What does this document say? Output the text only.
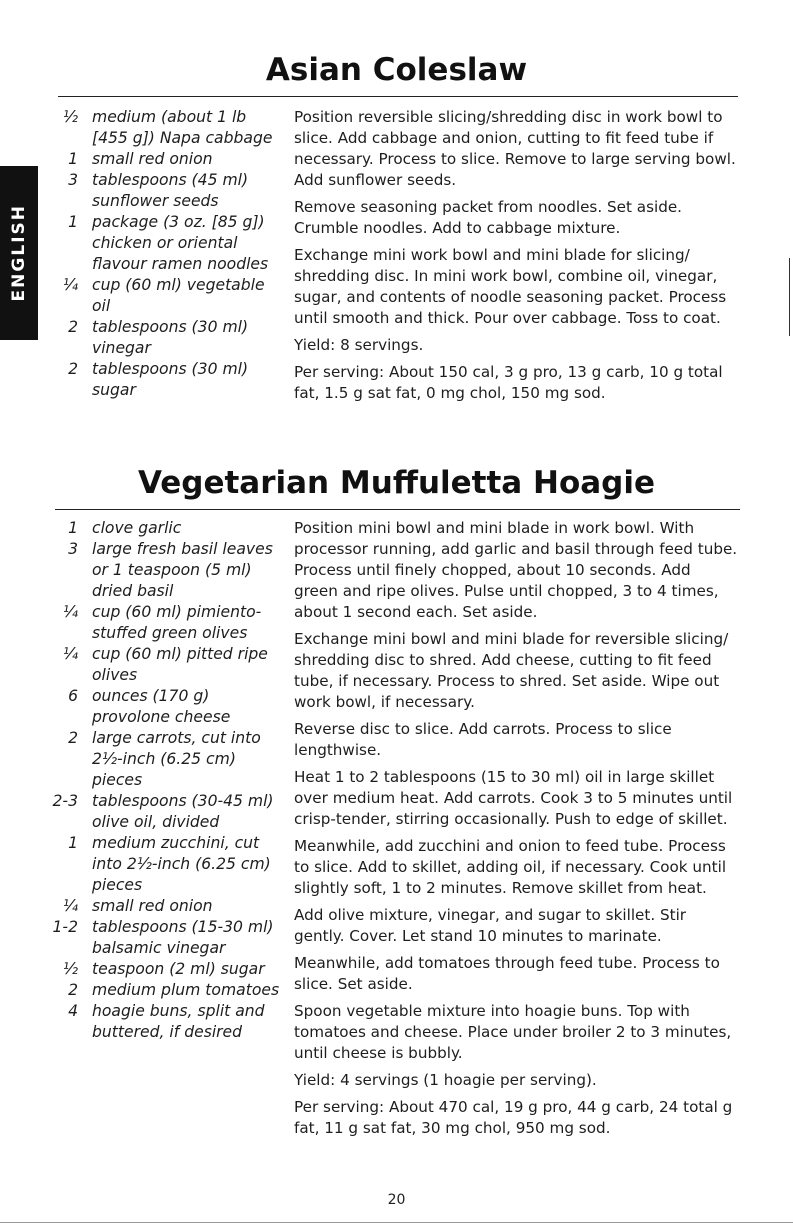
ENGLISH
Asian Coleslaw
½ medium (about 1 lb [455 g]) Napa cabbage
1 small red onion
3 tablespoons (45 ml) sunflower seeds
1 package (3 oz. [85 g]) chicken or oriental flavour ramen noodles
¼ cup (60 ml) vegetable oil
2 tablespoons (30 ml) vinegar
2 tablespoons (30 ml) sugar

Position reversible slicing/shredding disc in work bowl to slice. Add cabbage and onion, cutting to fit feed tube if necessary. Process to slice. Remove to large serving bowl. Add sunflower seeds.

Remove seasoning packet from noodles. Set aside. Crumble noodles. Add to cabbage mixture.

Exchange mini work bowl and mini blade for slicing/ shredding disc. In mini work bowl, combine oil, vinegar, sugar, and contents of noodle seasoning packet. Process until smooth and thick. Pour over cabbage. Toss to coat.

Yield: 8 servings.

Per serving: About 150 cal, 3 g pro, 13 g carb, 10 g total fat, 1.5 g sat fat, 0 mg chol, 150 mg sod.

Vegetarian Muffuletta Hoagie
1 clove garlic
3 large fresh basil leaves or 1 teaspoon (5 ml) dried basil
¼ cup (60 ml) pimiento-stuffed green olives
¼ cup (60 ml) pitted ripe olives
6 ounces (170 g) provolone cheese
2 large carrots, cut into 2½-inch (6.25 cm) pieces
2-3 tablespoons (30-45 ml) olive oil, divided
1 medium zucchini, cut into 2½-inch (6.25 cm) pieces
¼ small red onion
1-2 tablespoons (15-30 ml) balsamic vinegar
½ teaspoon (2 ml) sugar
2 medium plum tomatoes
4 hoagie buns, split and buttered, if desired

Position mini bowl and mini blade in work bowl. With processor running, add garlic and basil through feed tube. Process until finely chopped, about 10 seconds. Add green and ripe olives. Pulse until chopped, 3 to 4 times, about 1 second each. Set aside.

Exchange mini bowl and mini blade for reversible slicing/ shredding disc to shred. Add cheese, cutting to fit feed tube, if necessary. Process to shred. Set aside. Wipe out work bowl, if necessary.

Reverse disc to slice. Add carrots. Process to slice lengthwise.

Heat 1 to 2 tablespoons (15 to 30 ml) oil in large skillet over medium heat. Add carrots. Cook 3 to 5 minutes until crisp-tender, stirring occasionally. Push to edge of skillet.

Meanwhile, add zucchini and onion to feed tube. Process to slice. Add to skillet, adding oil, if necessary. Cook until slightly soft, 1 to 2 minutes. Remove skillet from heat.

Add olive mixture, vinegar, and sugar to skillet. Stir gently. Cover. Let stand 10 minutes to marinate.

Meanwhile, add tomatoes through feed tube. Process to slice. Set aside.

Spoon vegetable mixture into hoagie buns. Top with tomatoes and cheese. Place under broiler 2 to 3 minutes, until cheese is bubbly.

Yield: 4 servings (1 hoagie per serving).

Per serving: About 470 cal, 19 g pro, 44 g carb, 24 total g fat, 11 g sat fat, 30 mg chol, 950 mg sod.

20
